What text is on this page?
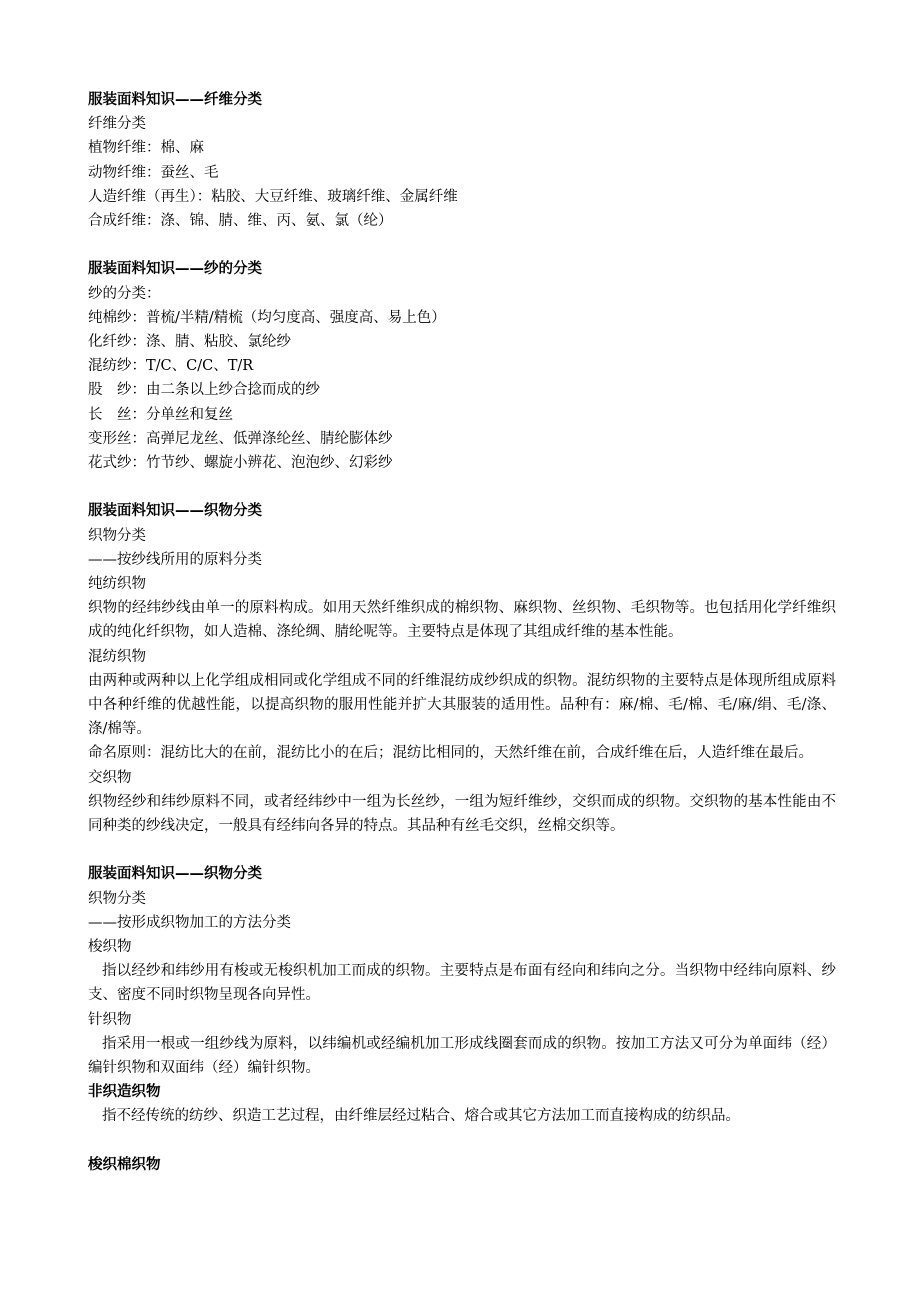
服装面料知识——纤维分类
纤维分类
植物纤维：棉、麻
动物纤维：蚕丝、毛
人造纤维（再生）：粘胶、大豆纤维、玻璃纤维、金属纤维
合成纤维：涤、锦、腈、维、丙、氨、氯（纶）
服装面料知识——纱的分类
纱的分类：
纯棉纱：普梳/半精/精梳（均匀度高、强度高、易上色）
化纤纱：涤、腈、粘胶、氯纶纱
混纺纱：T/C、C/C、T/R
股　纱：由二条以上纱合捻而成的纱
长　丝：分单丝和复丝
变形丝：高弹尼龙丝、低弹涤纶丝、腈纶膨体纱
花式纱：竹节纱、螺旋小辨花、泡泡纱、幻彩纱
服装面料知识——织物分类
织物分类
——按纱线所用的原料分类
纯纺织物
织物的经纬纱线由单一的原料构成。如用天然纤维织成的棉织物、麻织物、丝织物、毛织物等。也包括用化学纤维织成的纯化纤织物，如人造棉、涤纶绸、腈纶呢等。主要特点是体现了其组成纤维的基本性能。
混纺织物
由两种或两种以上化学组成相同或化学组成不同的纤维混纺成纱织成的织物。混纺织物的主要特点是体现所组成原料中各种纤维的优越性能，以提高织物的服用性能并扩大其服装的适用性。品种有：麻/棉、毛/棉、毛/麻/绢、毛/涤、涤/棉等。
命名原则：混纺比大的在前，混纺比小的在后；混纺比相同的，天然纤维在前，合成纤维在后，人造纤维在最后。
交织物
织物经纱和纬纱原料不同，或者经纬纱中一组为长丝纱，一组为短纤维纱，交织而成的织物。交织物的基本性能由不同种类的纱线决定，一般具有经纬向各异的特点。其品种有丝毛交织，丝棉交织等。
服装面料知识——织物分类
织物分类
——按形成织物加工的方法分类
梭织物
指以经纱和纬纱用有梭或无梭织机加工而成的织物。主要特点是布面有经向和纬向之分。当织物中经纬向原料、纱支、密度不同时织物呈现各向异性。
针织物
指采用一根或一组纱线为原料，以纬编机或经编机加工形成线圈套而成的织物。按加工方法又可分为单面纬（经）编针织物和双面纬（经）编针织物。
非织造织物
指不经传统的纺纱、织造工艺过程，由纤维层经过粘合、熔合或其它方法加工而直接构成的纺织品。
梭织棉织物
